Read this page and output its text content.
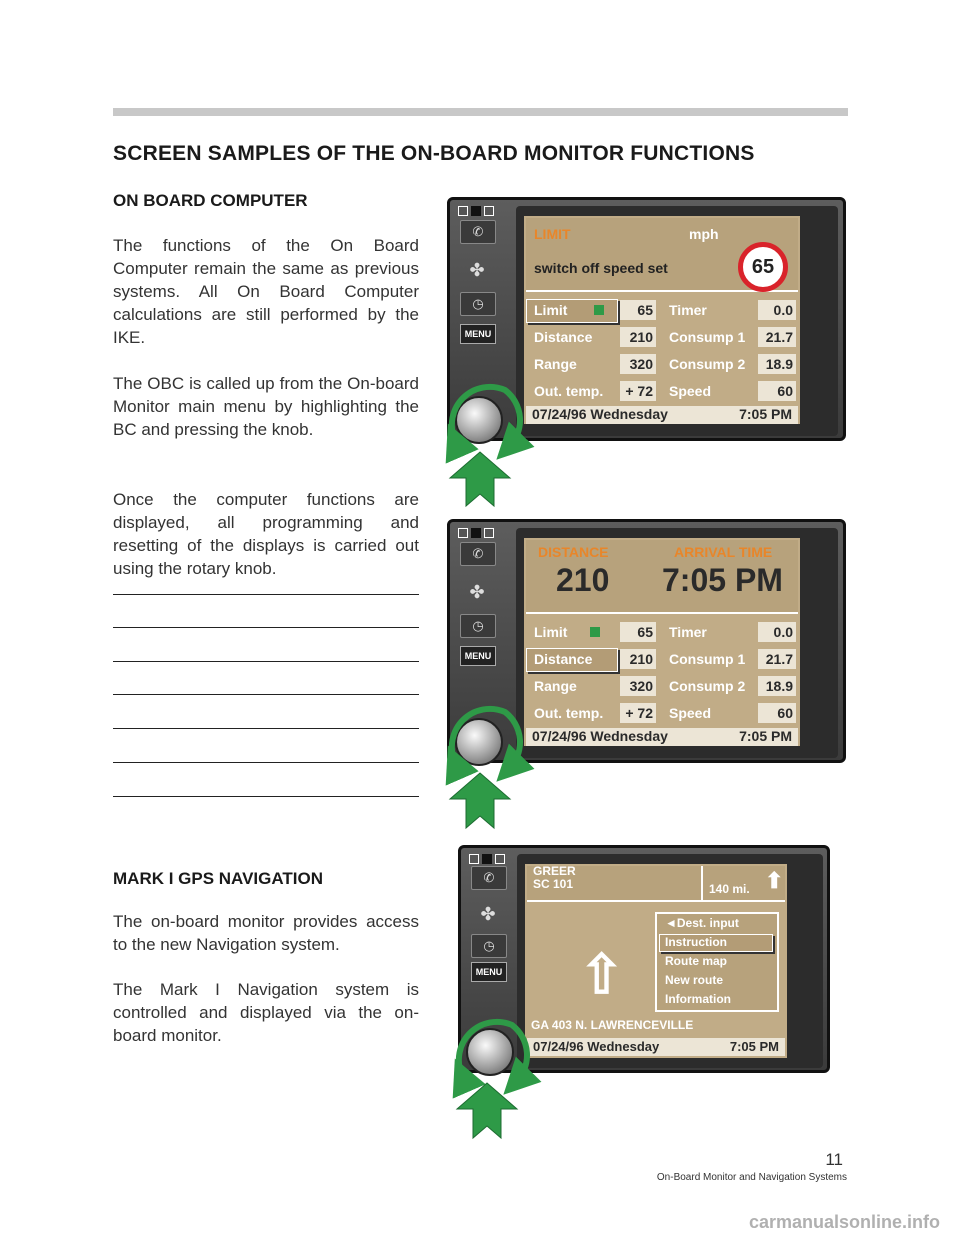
SCREEN SAMPLES OF THE ON-BOARD MONITOR FUNCTIONS
ON BOARD COMPUTER
The functions of the On Board Computer remain the same as previous systems. All On Board Computer calculations are still performed by the IKE.
The OBC is called up from the On-board Monitor main menu by highlighting the BC and pressing the knob.
Once the computer functions are displayed, all programming and resetting of the displays is carried out using the rotary knob.
MARK I GPS NAVIGATION
The on-board monitor provides access to the new Navigation system.
The Mark I Navigation system is controlled and displayed via the on-board monitor.
11
On-Board Monitor and Navigation Systems
carmanualsonline.info
✆
✤
◷
MENU
LIMIT	mph
switch off speed set	65
Limit	65 Timer	0.0
Distance	210 Consump 1	21.7
Range	320 Consump 2	18.9
Out. temp.	+ 72 Speed	60
07/24/96 Wednesday	7:05 PM
✆
✤
◷
MENU
DISTANCE	ARRIVAL TIME
210 7:05 PM
Limit	65 Timer	0.0
Distance	210 Consump 1	21.7
Range	320 Consump 2	18.9
Out. temp.	+ 72 Speed	60
07/24/96 Wednesday	7:05 PM
✆
✤
◷
MENU
GREER
SC 101	140 mi. ⬆
⇧
◄Dest. input
Instruction
Route map
New route
Information
GA 403 N. LAWRENCEVILLE
07/24/96 Wednesday	7:05 PM
